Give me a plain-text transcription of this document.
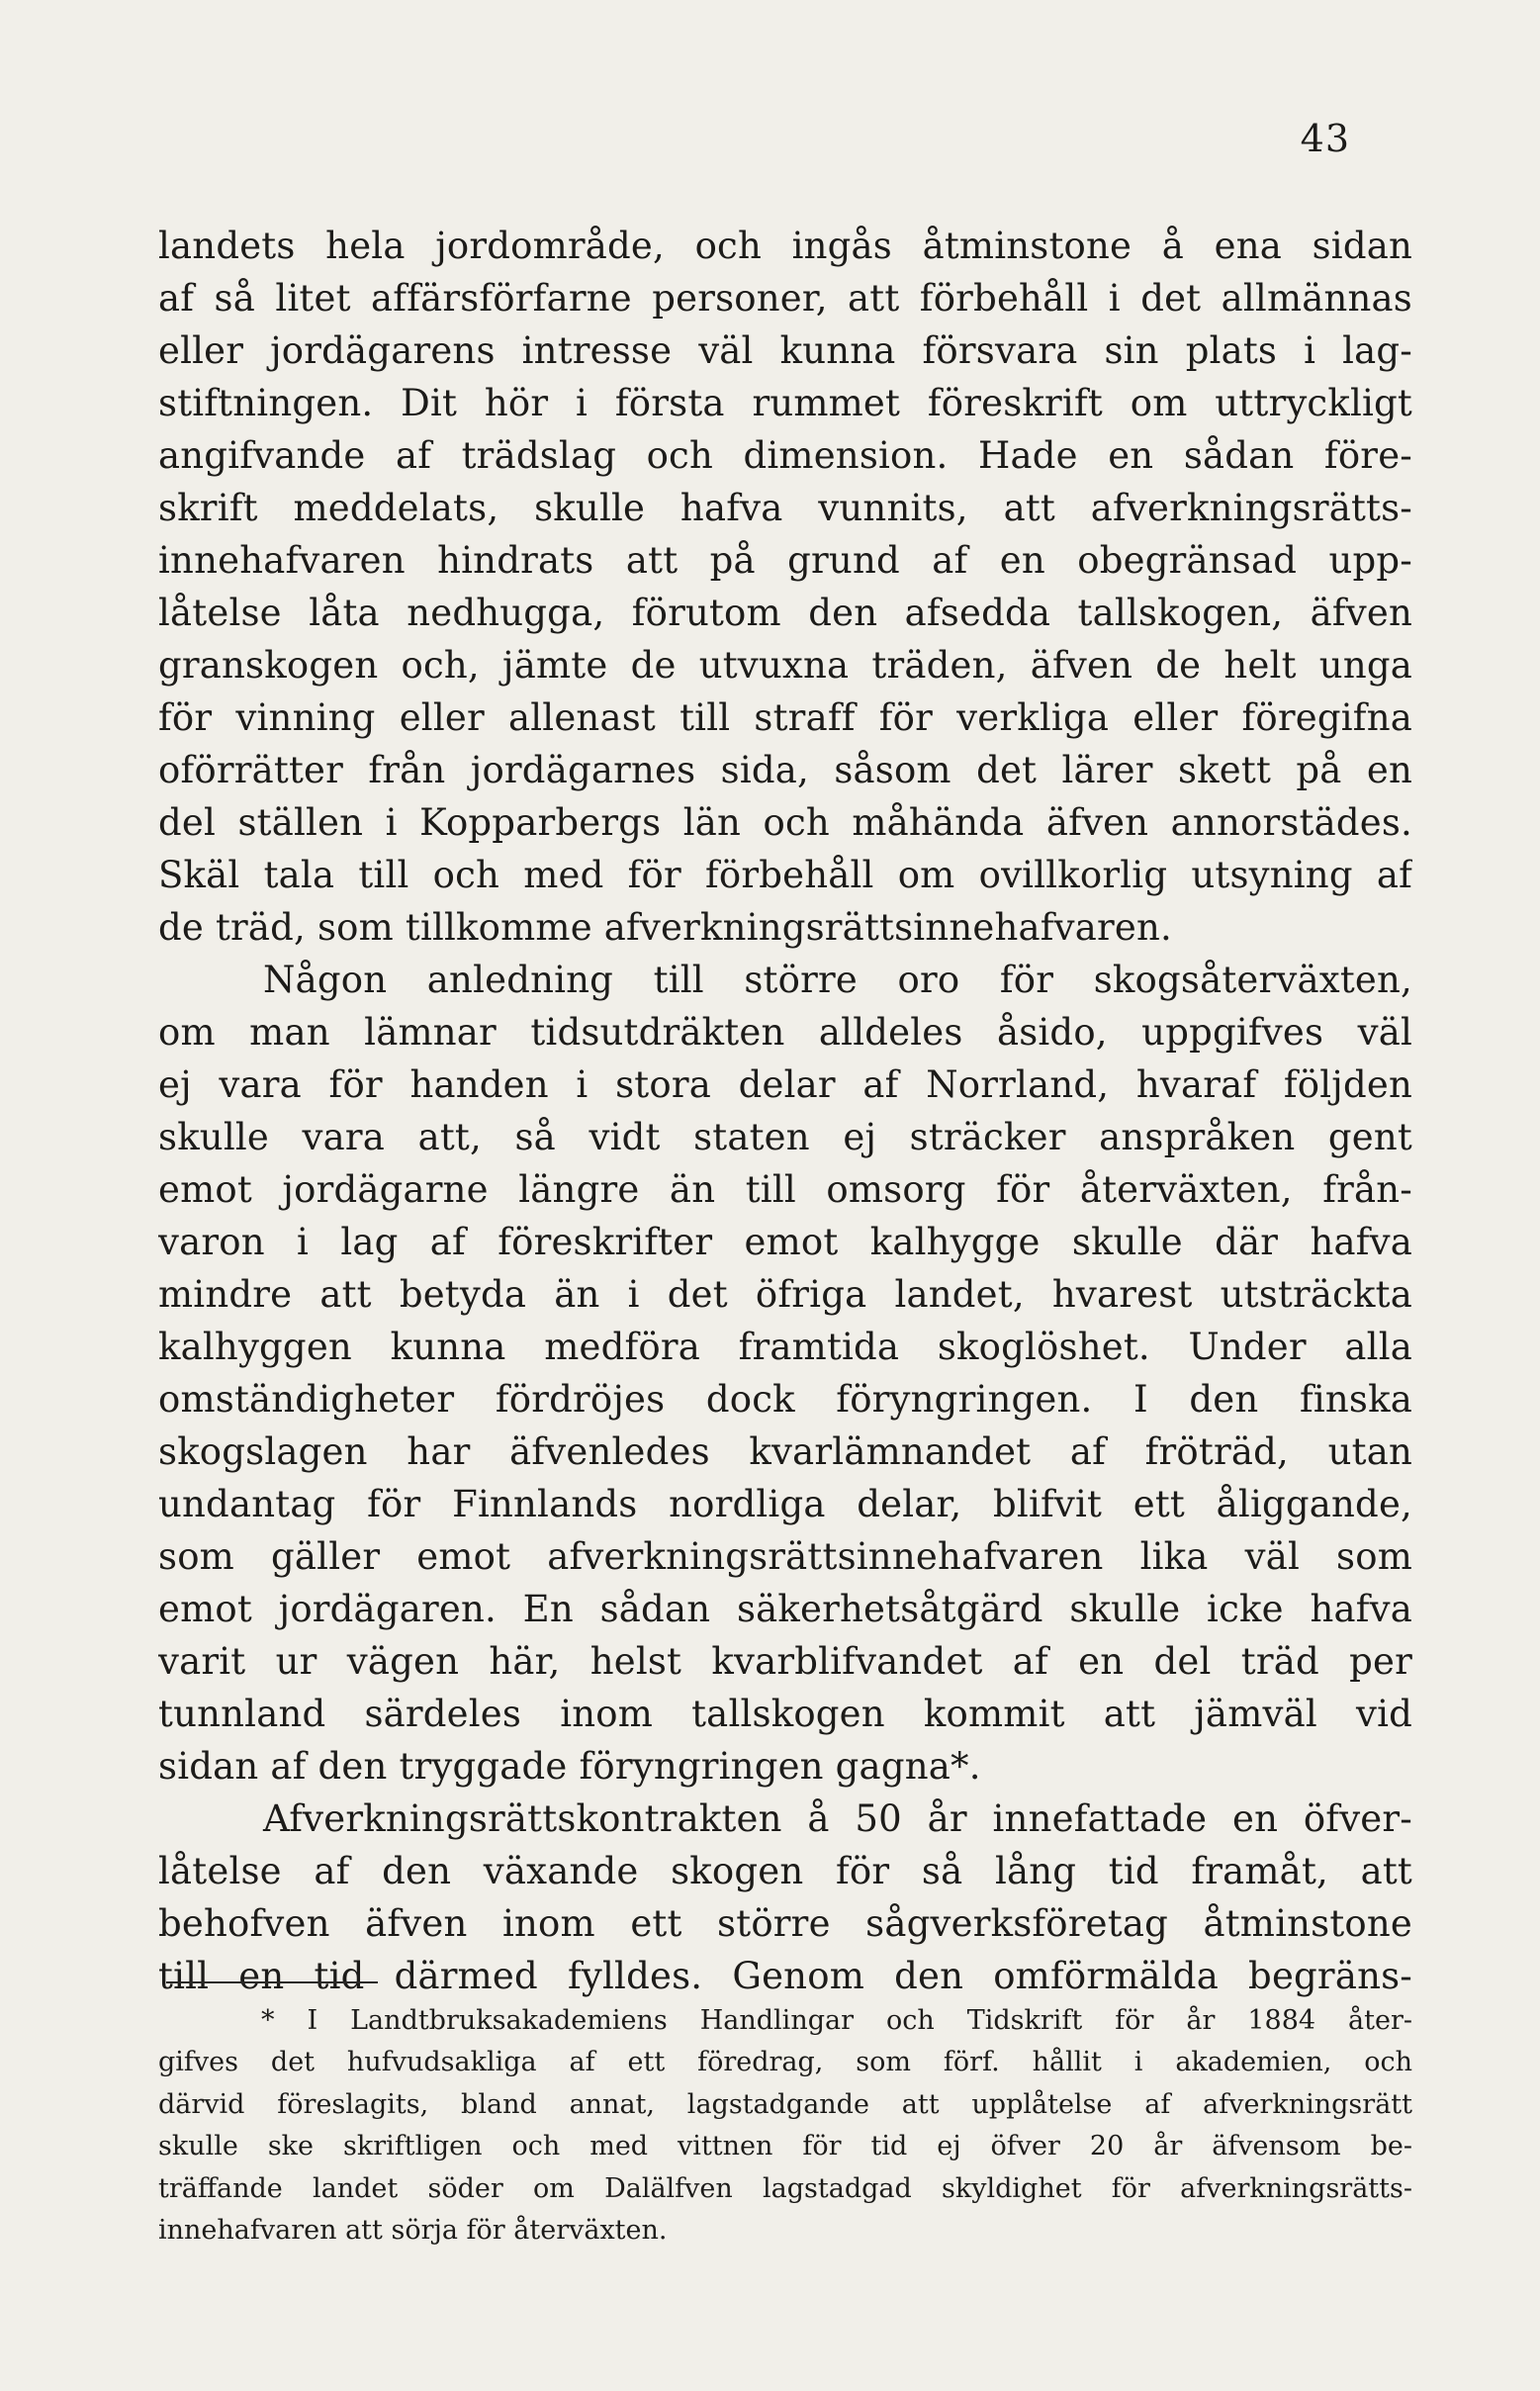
43
landets hela jordområde, och ingås åtminstone å ena sidan
af så litet affärsförfarne personer, att förbehåll i det allmännas
eller jordägarens intresse väl kunna försvara sin plats i lag-
stiftningen. Dit hör i första rummet föreskrift om uttryckligt
angifvande af trädslag och dimension. Hade en sådan före-
skrift meddelats, skulle hafva vunnits, att afverkningsrätts-
innehafvaren hindrats att på grund af en obegränsad upp-
låtelse låta nedhugga, förutom den afsedda tallskogen, äfven
granskogen och, jämte de utvuxna träden, äfven de helt unga
för vinning eller allenast till straff för verkliga eller föregifna
oförrätter från jordägarnes sida, såsom det lärer skett på en
del ställen i Kopparbergs län och måhända äfven annorstädes.
Skäl tala till och med för förbehåll om ovillkorlig utsyning af
de träd, som tillkomme afverkningsrättsinnehafvaren.
Någon anledning till större oro för skogsåterväxten,
om man lämnar tidsutdräkten alldeles åsido, uppgifves väl
ej vara för handen i stora delar af Norrland, hvaraf följden
skulle vara att, så vidt staten ej sträcker anspråken gent
emot jordägarne längre än till omsorg för återväxten, från-
varon i lag af föreskrifter emot kalhygge skulle där hafva
mindre att betyda än i det öfriga landet, hvarest utsträckta
kalhyggen kunna medföra framtida skoglöshet. Under alla
omständigheter fördröjes dock föryngringen. I den finska
skogslagen har äfvenledes kvarlämnandet af fröträd, utan
undantag för Finnlands nordliga delar, blifvit ett åliggande,
som gäller emot afverkningsrättsinnehafvaren lika väl som
emot jordägaren. En sådan säkerhetsåtgärd skulle icke hafva
varit ur vägen här, helst kvarblifvandet af en del träd per
tunnland särdeles inom tallskogen kommit att jämväl vid
sidan af den tryggade föryngringen gagna*.
Afverkningsrättskontrakten å 50 år innefattade en öfver-
låtelse af den växande skogen för så lång tid framåt, att
behofven äfven inom ett större sågverksföretag åtminstone
till en tid därmed fylldes. Genom den omförmälda begräns-
* I Landtbruksakademiens Handlingar och Tidskrift för år 1884 åter-
gifves det hufvudsakliga af ett föredrag, som förf. hållit i akademien, och
därvid föreslagits, bland annat, lagstadgande att upplåtelse af afverkningsrätt
skulle ske skriftligen och med vittnen för tid ej öfver 20 år äfvensom be-
träffande landet söder om Dalälfven lagstadgad skyldighet för afverkningsrätts-
innehafvaren att sörja för återväxten.
